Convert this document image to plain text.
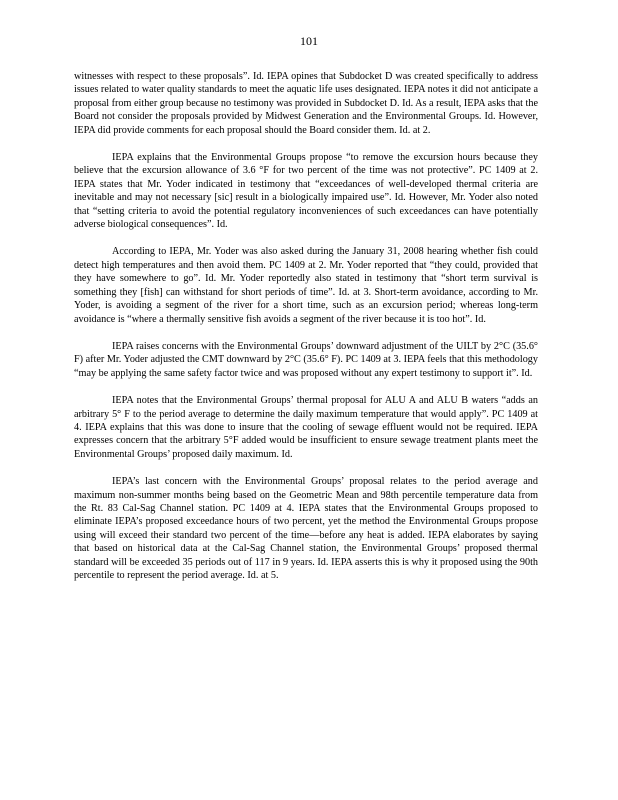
101

witnesses with respect to these proposals”. Id. IEPA opines that Subdocket D was created specifically to address issues related to water quality standards to meet the aquatic life uses designated. IEPA notes it did not anticipate a proposal from either group because no testimony was provided in Subdocket D. Id. As a result, IEPA asks that the Board not consider the proposals provided by Midwest Generation and the Environmental Groups. Id. However, IEPA did provide comments for each proposal should the Board consider them. Id. at 2.

IEPA explains that the Environmental Groups propose “to remove the excursion hours because they believe that the excursion allowance of 3.6 °F for two percent of the time was not protective”. PC 1409 at 2. IEPA states that Mr. Yoder indicated in testimony that “exceedances of well-developed thermal criteria are inevitable and may not necessary [sic] result in a biologically impaired use”. Id. However, Mr. Yoder also noted that “setting criteria to avoid the potential regulatory inconveniences of such exceedances can have potentially adverse biological consequences”. Id.

According to IEPA, Mr. Yoder was also asked during the January 31, 2008 hearing whether fish could detect high temperatures and then avoid them. PC 1409 at 2. Mr. Yoder reported that “they could, provided that they have somewhere to go”. Id. Mr. Yoder reportedly also stated in testimony that “short term survival is something they [fish] can withstand for short periods of time”. Id. at 3. Short-term avoidance, according to Mr. Yoder, is avoiding a segment of the river for a short time, such as an excursion period; whereas long-term avoidance is “where a thermally sensitive fish avoids a segment of the river because it is too hot”. Id.

IEPA raises concerns with the Environmental Groups’ downward adjustment of the UILT by 2°C (35.6° F) after Mr. Yoder adjusted the CMT downward by 2°C (35.6° F). PC 1409 at 3. IEPA feels that this methodology “may be applying the same safety factor twice and was proposed without any expert testimony to support it”. Id.

IEPA notes that the Environmental Groups’ thermal proposal for ALU A and ALU B waters “adds an arbitrary 5° F to the period average to determine the daily maximum temperature that would apply”. PC 1409 at 4. IEPA explains that this was done to insure that the cooling of sewage effluent would not be required. IEPA expresses concern that the arbitrary 5°F added would be insufficient to ensure sewage treatment plants meet the Environmental Groups’ proposed daily maximum. Id.

IEPA’s last concern with the Environmental Groups’ proposal relates to the period average and maximum non-summer months being based on the Geometric Mean and 98th percentile temperature data from the Rt. 83 Cal-Sag Channel station. PC 1409 at 4. IEPA states that the Environmental Groups proposed to eliminate IEPA’s proposed exceedance hours of two percent, yet the method the Environmental Groups propose using will exceed their standard two percent of the time—before any heat is added. IEPA elaborates by saying that based on historical data at the Cal-Sag Channel station, the Environmental Groups’ proposed thermal standard will be exceeded 35 periods out of 117 in 9 years. Id. IEPA asserts this is why it proposed using the 90th percentile to represent the period average. Id. at 5.
